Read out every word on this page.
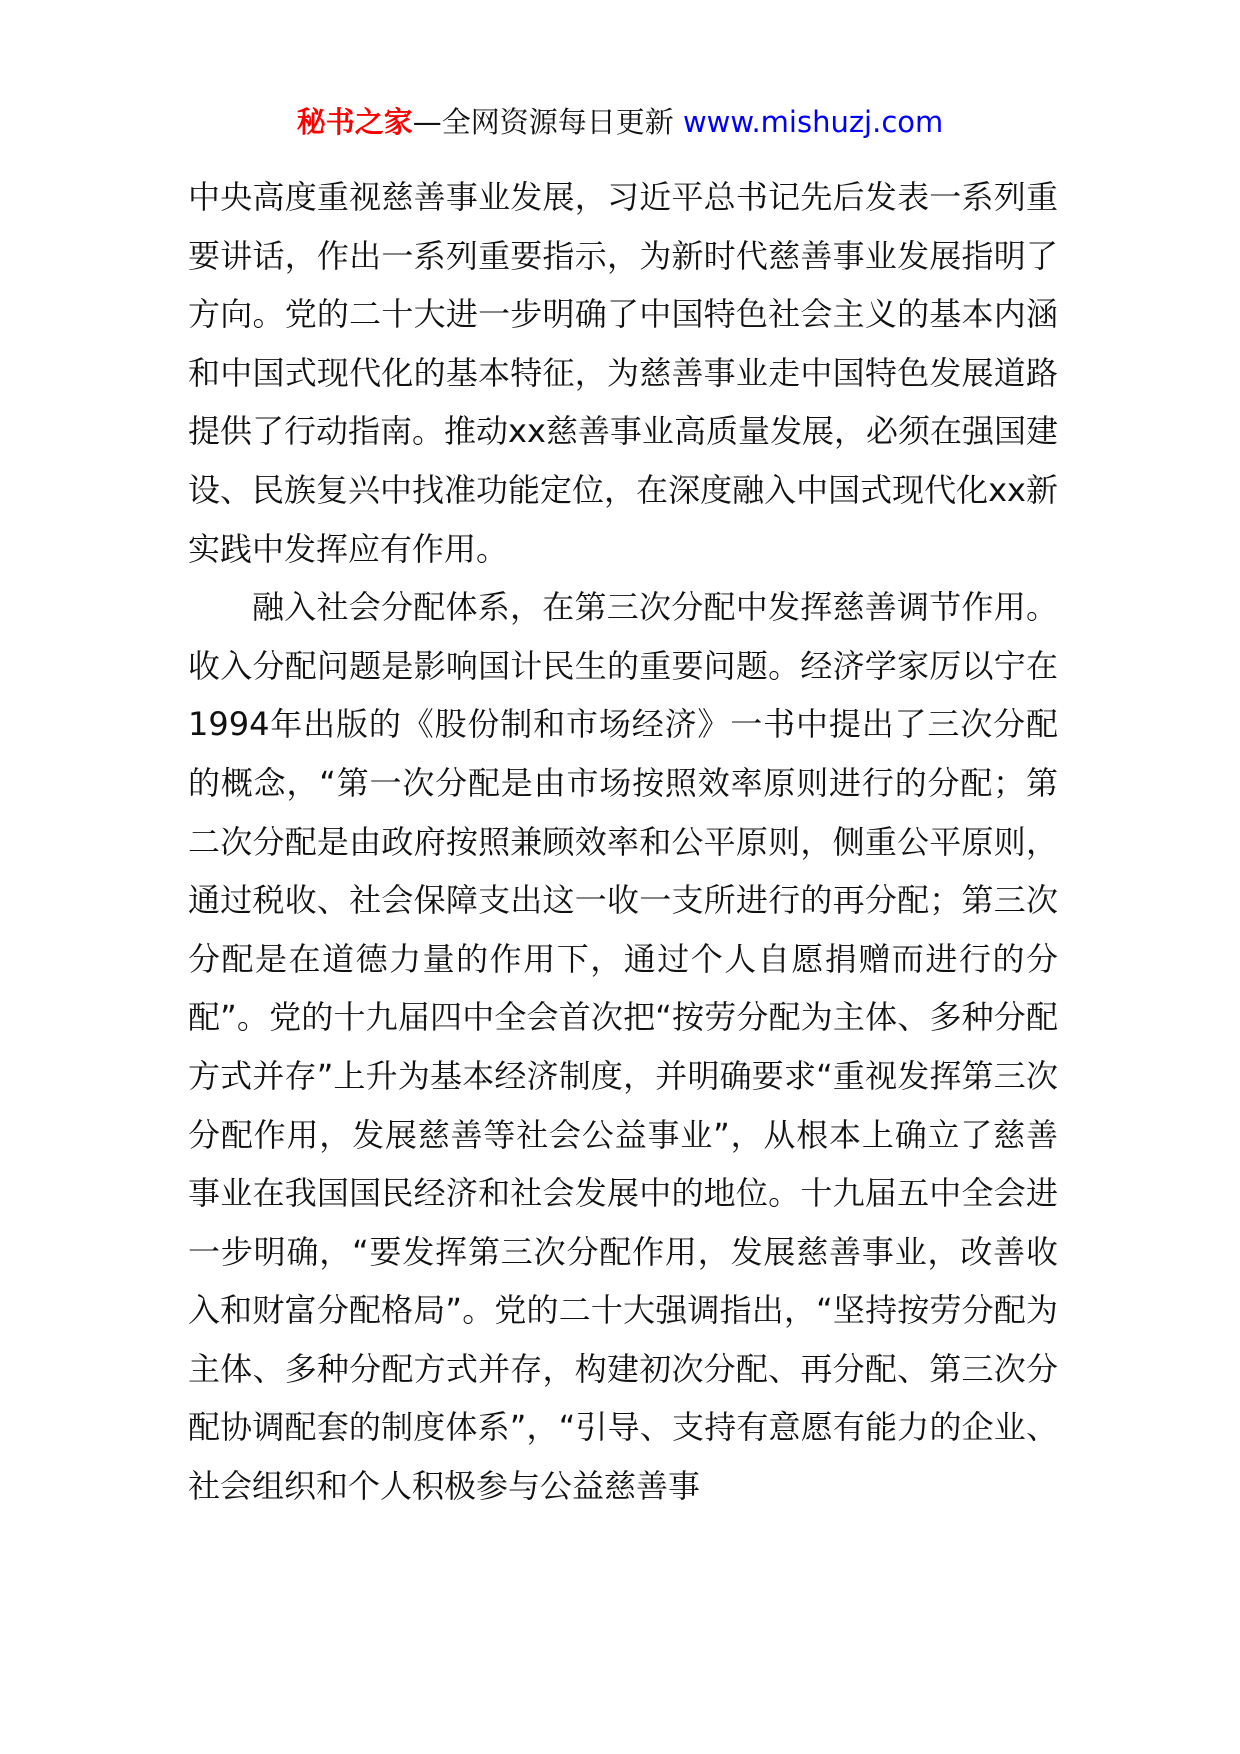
秘书之家—全网资源每日更新 www.mishuzj.com

中央高度重视慈善事业发展，习近平总书记先后发表一系列重要讲话，作出一系列重要指示，为新时代慈善事业发展指明了方向。党的二十大进一步明确了中国特色社会主义的基本内涵和中国式现代化的基本特征，为慈善事业走中国特色发展道路提供了行动指南。推动xx慈善事业高质量发展，必须在强国建设、民族复兴中找准功能定位，在深度融入中国式现代化xx新实践中发挥应有作用。

融入社会分配体系，在第三次分配中发挥慈善调节作用。收入分配问题是影响国计民生的重要问题。经济学家厉以宁在1994年出版的《股份制和市场经济》一书中提出了三次分配的概念，“第一次分配是由市场按照效率原则进行的分配；第二次分配是由政府按照兼顾效率和公平原则，侧重公平原则，通过税收、社会保障支出这一收一支所进行的再分配；第三次分配是在道德力量的作用下，通过个人自愿捐赠而进行的分配”。党的十九届四中全会首次把“按劳分配为主体、多种分配方式并存”上升为基本经济制度，并明确要求“重视发挥第三次分配作用，发展慈善等社会公益事业”，从根本上确立了慈善事业在我国国民经济和社会发展中的地位。十九届五中全会进一步明确，“要发挥第三次分配作用，发展慈善事业，改善收入和财富分配格局”。党的二十大强调指出，“坚持按劳分配为主体、多种分配方式并存，构建初次分配、再分配、第三次分配协调配套的制度体系”，“引导、支持有意愿有能力的企业、社会组织和个人积极参与公益慈善事
